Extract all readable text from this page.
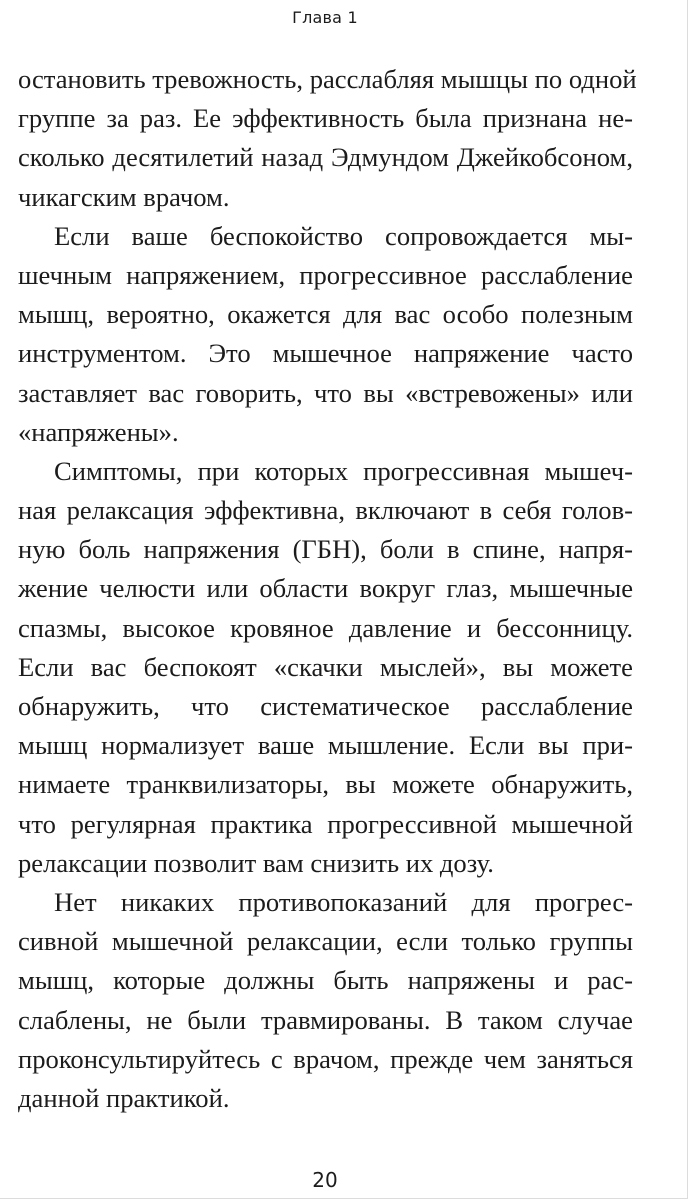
Глава 1
остановить тревожность, расслабляя мышцы по одной
группе за раз. Ее эффективность была признана не-
сколько десятилетий назад Эдмундом Джейкобсоном,
чикагским врачом.
Если ваше беспокойство сопровождается мы-
шечным напряжением, прогрессивное расслабление
мышц, вероятно, окажется для вас особо полезным
инструментом. Это мышечное напряжение часто
заставляет вас говорить, что вы «встревожены» или
«напряжены».
Симптомы, при которых прогрессивная мышеч-
ная релаксация эффективна, включают в себя голов-
ную боль напряжения (ГБН), боли в спине, напря-
жение челюсти или области вокруг глаз, мышечные
спазмы, высокое кровяное давление и бессонницу.
Если вас беспокоят «скачки мыслей», вы можете
обнаружить, что систематическое расслабление
мышц нормализует ваше мышление. Если вы при-
нимаете транквилизаторы, вы можете обнаружить,
что регулярная практика прогрессивной мышечной
релаксации позволит вам снизить их дозу.
Нет никаких противопоказаний для прогрес-
сивной мышечной релаксации, если только группы
мышц, которые должны быть напряжены и рас-
слаблены, не были травмированы. В таком случае
проконсультируйтесь с врачом, прежде чем заняться
данной практикой.
20
